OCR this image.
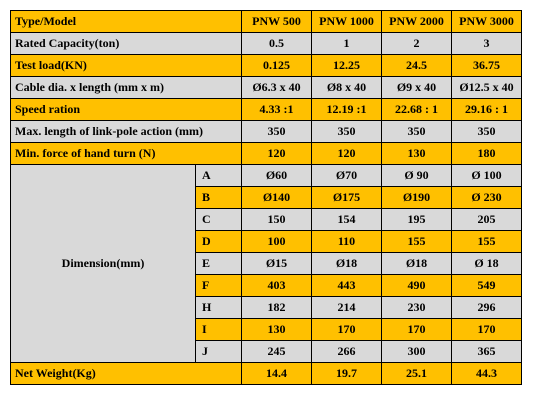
Type/Model		PNW 500	PNW 1000	PNW 2000	PNW 3000
Rated Capacity(ton)		0.5	1	2	3
Test load(KN)		0.125	12.25	24.5	36.75
Cable dia. x length (mm x m)		Ø6.3 x 40	Ø8 x 40	Ø9 x 40	Ø12.5 x 40
Speed ration		4.33 :1	12.19 :1	22.68 : 1	29.16 : 1
Max. length of link-pole action (mm)		350	350	350	350
Min. force of hand turn (N)		120	120	130	180
Dimension(mm)	A	Ø60	Ø70	Ø 90	Ø 100
	B	Ø140	Ø175	Ø190	Ø 230
	C	150	154	195	205
	D	100	110	155	155
	E	Ø15	Ø18	Ø18	Ø 18
	F	403	443	490	549
	H	182	214	230	296
	I	130	170	170	170
	J	245	266	300	365
Net Weight(Kg)		14.4	19.7	25.1	44.3
